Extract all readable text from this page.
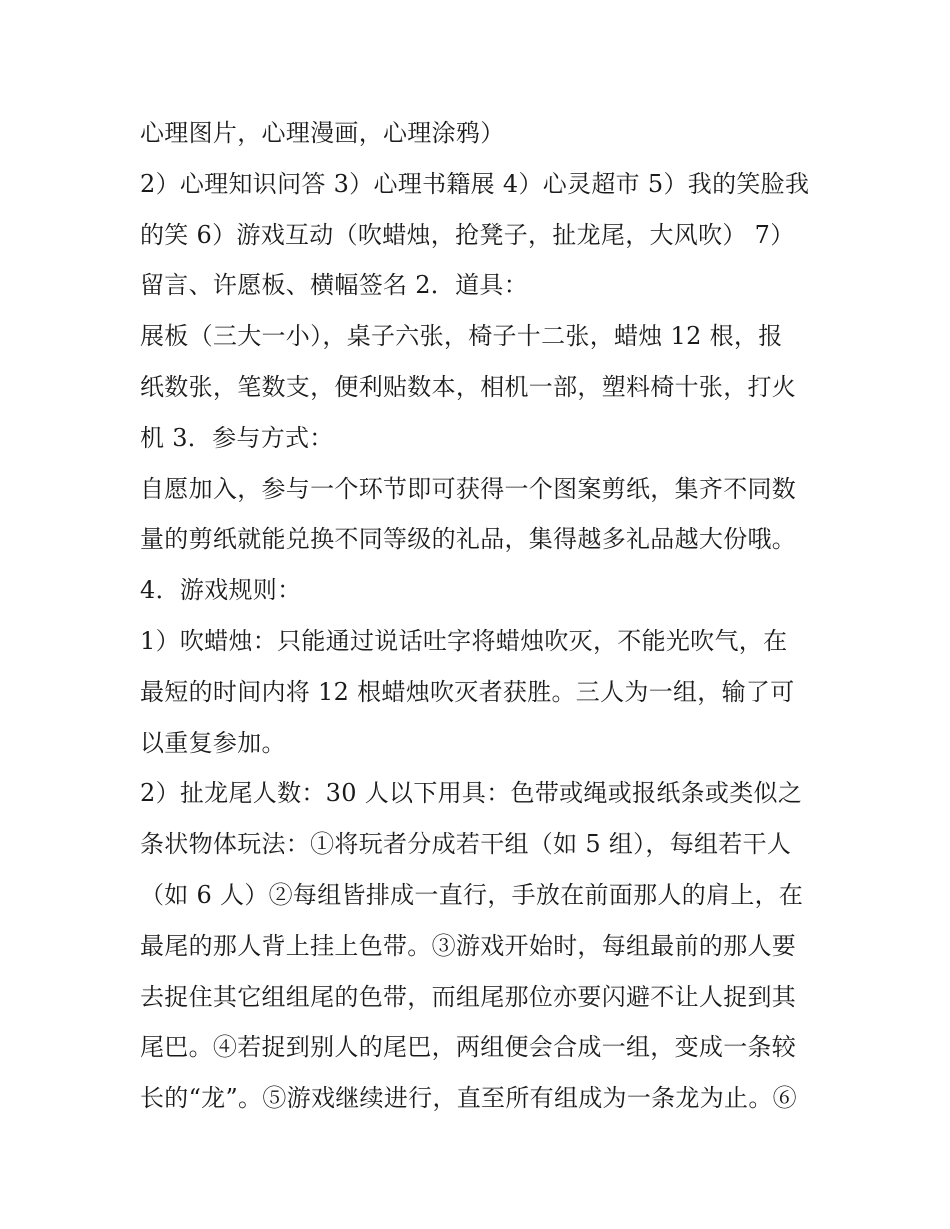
心理图片，心理漫画，心理涂鸦）
2）心理知识问答 3）心理书籍展 4）心灵超市 5）我的笑脸我
的笑 6）游戏互动（吹蜡烛，抢凳子，扯龙尾，大风吹） 7）
留言、许愿板、横幅签名 2．道具：
展板（三大一小），桌子六张，椅子十二张，蜡烛 12 根，报
纸数张，笔数支，便利贴数本，相机一部，塑料椅十张，打火
机 3．参与方式：
自愿加入，参与一个环节即可获得一个图案剪纸，集齐不同数
量的剪纸就能兑换不同等级的礼品，集得越多礼品越大份哦。
4．游戏规则：
1）吹蜡烛：只能通过说话吐字将蜡烛吹灭，不能光吹气，在
最短的时间内将 12 根蜡烛吹灭者获胜。三人为一组，输了可
以重复参加。
2）扯龙尾人数：30 人以下用具：色带或绳或报纸条或类似之
条状物体玩法：①将玩者分成若干组（如 5 组），每组若干人
（如 6 人）②每组皆排成一直行，手放在前面那人的肩上，在
最尾的那人背上挂上色带。③游戏开始时，每组最前的那人要
去捉住其它组组尾的色带，而组尾那位亦要闪避不让人捉到其
尾巴。④若捉到别人的尾巴，两组便会合成一组，变成一条较
长的“龙”。⑤游戏继续进行，直至所有组成为一条龙为止。⑥
